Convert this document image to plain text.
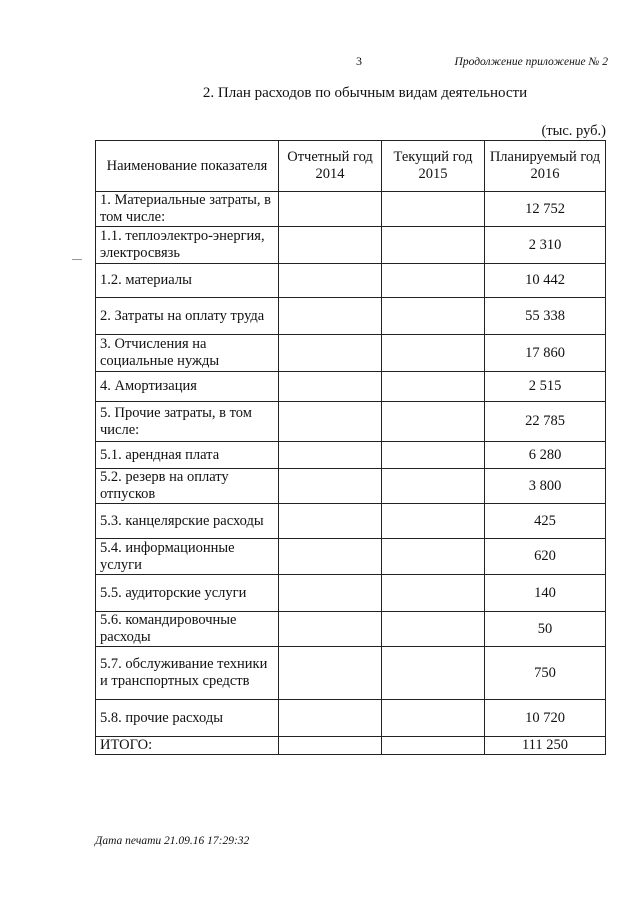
3	Продолжение приложение № 2
2. План расходов по обычным видам деятельности
(тыс. руб.)
Наименование показателя	Отчетный год 2014	Текущий год 2015	Планируемый год 2016
1. Материальные затраты, в том числе:			12 752
1.1. теплоэлектро-энергия, электросвязь			2 310
1.2. материалы			10 442
2. Затраты на оплату труда			55 338
3. Отчисления на социальные нужды			17 860
4. Амортизация			2 515
5. Прочие затраты, в том числе:			22 785
5.1. арендная плата			6 280
5.2. резерв на оплату отпусков			3 800
5.3. канцелярские расходы			425
5.4. информационные услуги			620
5.5. аудиторские услуги			140
5.6. командировочные расходы			50
5.7. обслуживание техники и транспортных средств			750
5.8. прочие расходы			10 720
ИТОГО:			111 250
Дата печати 21.09.16 17:29:32
